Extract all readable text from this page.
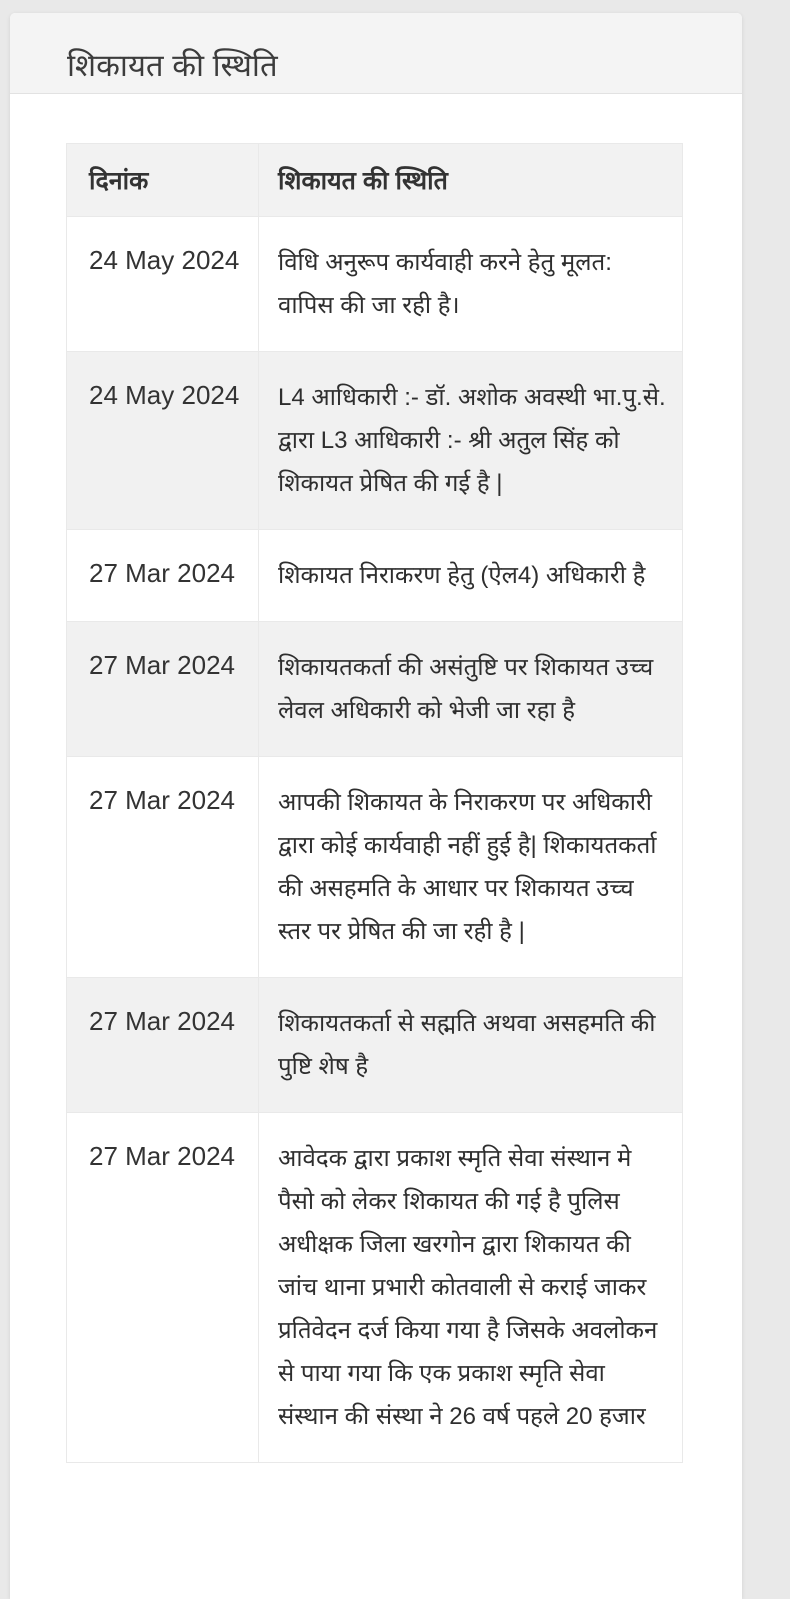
शिकायत की स्थिति
दिनांक	शिकायत की स्थिति
24 May 2024	विधि अनुरूप कार्यवाही करने हेतु मूलत: वापिस की जा रही है।
24 May 2024	L4 आधिकारी :- डॉ. अशोक अवस्थी भा.पु.से. द्वारा L3 आधिकारी :- श्री अतुल सिंह को शिकायत प्रेषित की गई है |
27 Mar 2024	शिकायत निराकरण हेतु (ऐल4) अधिकारी है
27 Mar 2024	शिकायतकर्ता की असंतुष्टि पर शिकायत उच्च लेवल अधिकारी को भेजी जा रहा है
27 Mar 2024	आपकी शिकायत के निराकरण पर अधिकारी द्वारा कोई कार्यवाही नहीं हुई है| शिकायतकर्ता की असहमति के आधार पर शिकायत उच्च स्तर पर प्रेषित की जा रही है |
27 Mar 2024	शिकायतकर्ता से सह्मति अथवा असहमति की पुष्टि शेष है
27 Mar 2024	आवेदक द्वारा प्रकाश स्मृति सेवा संस्थान मे पैसो को लेकर शिकायत की गई है पुलिस अधीक्षक जिला खरगोन द्वारा शिकायत की जांच थाना प्रभारी कोतवाली से कराई जाकर प्रतिवेदन दर्ज किया गया है जिसके अवलोकन से पाया गया कि एक प्रकाश स्मृति सेवा संस्थान की संस्था ने 26 वर्ष पहले 20 हजार
